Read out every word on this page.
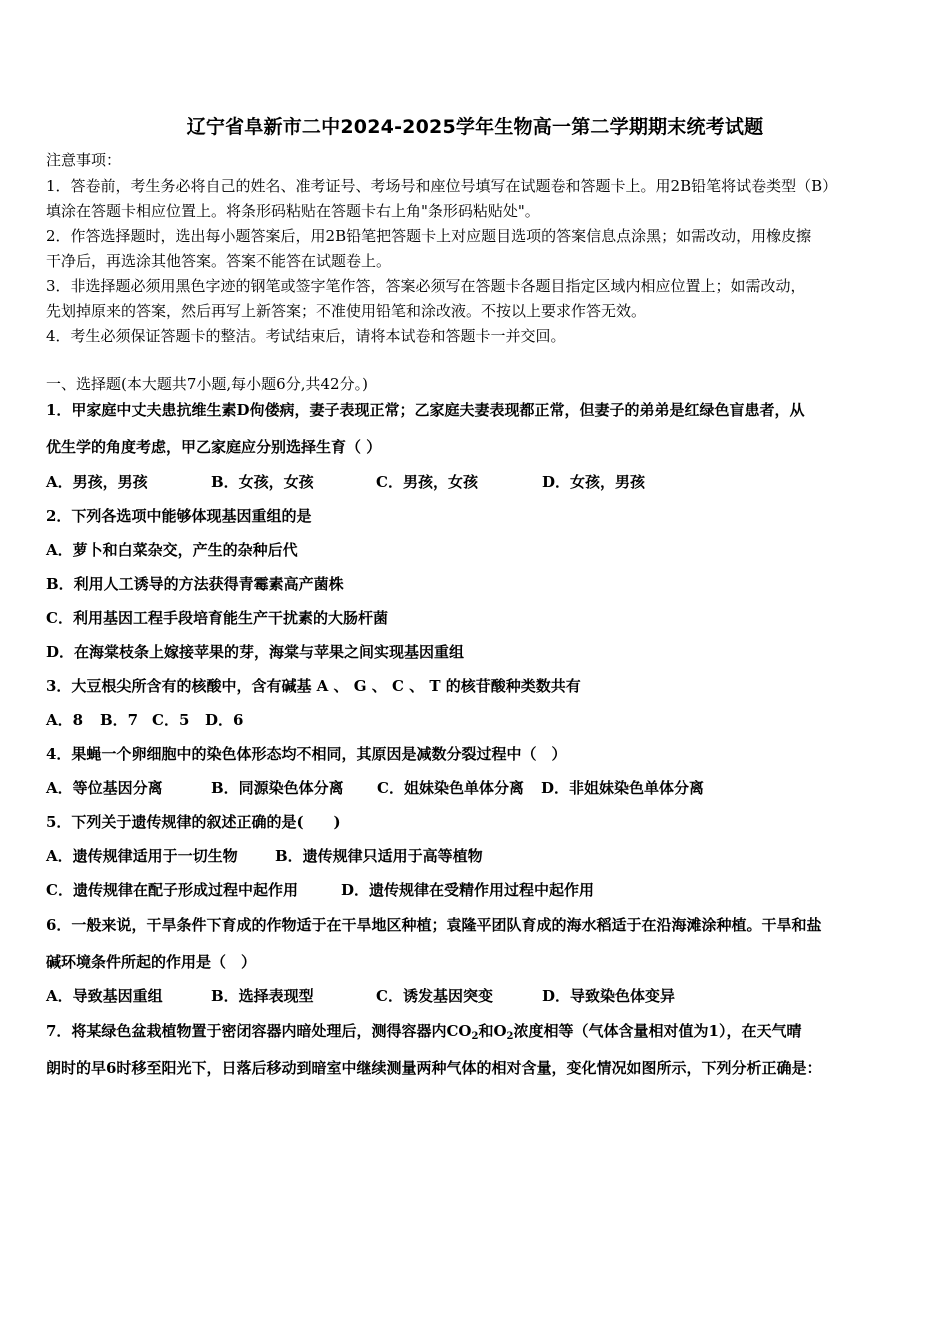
辽宁省阜新市二中2024-2025学年生物高一第二学期期末统考试题
注意事项：
1．答卷前，考生务必将自己的姓名、准考证号、考场号和座位号填写在试题卷和答题卡上。用2B铅笔将试卷类型（B）
填涂在答题卡相应位置上。将条形码粘贴在答题卡右上角"条形码粘贴处"。
2．作答选择题时，选出每小题答案后，用2B铅笔把答题卡上对应题目选项的答案信息点涂黑；如需改动，用橡皮擦
干净后，再选涂其他答案。答案不能答在试题卷上。
3．非选择题必须用黑色字迹的钢笔或签字笔作答，答案必须写在答题卡各题目指定区域内相应位置上；如需改动，
先划掉原来的答案，然后再写上新答案；不准使用铅笔和涂改液。不按以上要求作答无效。
4．考生必须保证答题卡的整洁。考试结束后，请将本试卷和答题卡一并交回。
一、选择题(本大题共7小题,每小题6分,共42分。)
1．甲家庭中丈夫患抗维生素D佝偻病，妻子表现正常；乙家庭夫妻表现都正常，但妻子的弟弟是红绿色盲患者，从
优生学的角度考虑，甲乙家庭应分别选择生育（ ）
A．男孩，男孩	B．女孩，女孩	C．男孩，女孩	D．女孩，男孩
2．下列各选项中能够体现基因重组的是
A．萝卜和白菜杂交，产生的杂种后代
B．利用人工诱导的方法获得青霉素高产菌株
C．利用基因工程手段培育能生产干扰素的大肠杆菌
D．在海棠枝条上嫁接苹果的芽，海棠与苹果之间实现基因重组
3．大豆根尖所含有的核酸中，含有碱基 A 、 G 、 C 、 T 的核苷酸种类数共有
A．8 B．7 C．5 D．6
4．果蝇一个卵细胞中的染色体形态均不相同，其原因是减数分裂过程中（　）
A．等位基因分离	B．同源染色体分离 C．姐妹染色单体分离 D．非姐妹染色单体分离
5．下列关于遗传规律的叙述正确的是(　　)
A．遗传规律适用于一切生物 B．遗传规律只适用于高等植物
C．遗传规律在配子形成过程中起作用	D．遗传规律在受精作用过程中起作用
6．一般来说，干旱条件下育成的作物适于在干旱地区种植；袁隆平团队育成的海水稻适于在沿海滩涂种植。干旱和盐
碱环境条件所起的作用是（　）
A．导致基因重组	B．选择表现型	C．诱发基因突变	D．导致染色体变异
7．将某绿色盆栽植物置于密闭容器内暗处理后，测得容器内$CO_2$和$O_2$浓度相等（气体含量相对值为1），在天气晴
朗时的早6时移至阳光下，日落后移动到暗室中继续测量两种气体的相对含量，变化情况如图所示，下列分析正确是：
